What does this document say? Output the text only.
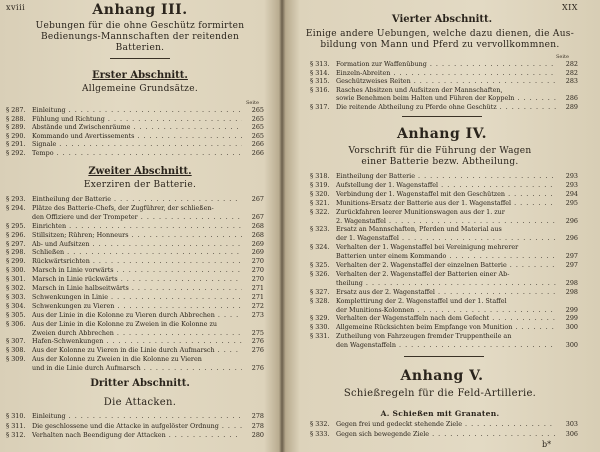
xviii	Anhang III.
Uebungen für die ohne Geschütz formirten
Bedienungs-Mannschaften der reitenden
Batterien.
Erster Abschnitt.
Allgemeine Grundsätze.
Seite
§ 287.	Einleitung . . .	265
§ 288.	Fühlung und Richtung . . .	265
§ 289.	Abstände und Zwischenräume . . .	265
§ 290.	Kommando und Avertissements . . .	265
§ 291.	Signale . . .	266
§ 292.	Tempo . . .	266
Zweiter Abschnitt.
Exerziren der Batterie.
§ 293.	Eintheilung der Batterie . . .	267
§ 294.	Plätze des Batterie-Chefs, der Zugführer, der schließen-
den Offiziere und der Trompeter . . .	267
§ 295.	Einrichten . . .	268
§ 296.	Stillsitzen; Rühren; Honneurs . . .	268
§ 297.	Ab- und Aufsitzen . . .	269
§ 298.	Schließen . . .	269
§ 299.	Rückwärtsrichten . . .	270
§ 300.	Marsch in Linie vorwärts . . .	270
§ 301.	Marsch in Linie rückwärts . . .	270
§ 302.	Marsch in Linie halbseitwärts . . .	271
§ 303.	Schwenkungen in Linie . . .	271
§ 304.	Schwenkungen zu Vieren . . .	272
§ 305.	Aus der Linie in die Kolonne zu Vieren durch Abbrechen . . .	273
§ 306.	Aus der Linie in die Kolonne zu Zweien in die Kolonne zu
Zweien durch Abbrechen . . .	275
§ 307.	Hafen-Schwenkungen . . .	276
§ 308.	Aus der Kolonne zu Vieren in die Linie durch Aufmarsch . . .	276
§ 309.	Aus der Kolonne zu Zweien in die Kolonne zu Vieren
und in die Linie durch Aufmarsch . . .	276
Dritter Abschnitt.
Die Attacken.
§ 310.	Einleitung . . .	278
§ 311.	Die geschlossene und die Attacke in aufgelöster Ordnung . . .	278
§ 312.	Verhalten nach Beendigung der Attacken . . .	280
XIX
Vierter Abschnitt.
Einige andere Uebungen, welche dazu dienen, die Aus-
bildung von Mann und Pferd zu vervollkommnen.
Seite
§ 313.	Formation zur Waffenübung . . .	282
§ 314.	Einzeln-Abreiten . . .	282
§ 315.	Geschützweises Reiten . . .	283
§ 316.	Rasches Absitzen und Aufsitzen der Mannschaften,
sowie Benehmen beim Halten und Führen der Koppeln . . .	286
§ 317.	Die reitende Abtheilung zu Pferde ohne Geschütz . . .	289
Anhang IV.
Vorschrift für die Führung der Wagen
einer Batterie bezw. Abtheilung.
§ 318.	Eintheilung der Batterie . . .	293
§ 319.	Aufstellung der 1. Wagenstaffel . . .	293
§ 320.	Verbindung der 1. Wagenstaffel mit den Geschützen . . .	294
§ 321.	Munitions-Ersatz der Batterie aus der 1. Wagenstaffel . . .	295
§ 322.	Zurückfahren leerer Munitionswagen aus der 1. zur
2. Wagenstaffel . . .	296
§ 323.	Ersatz an Mannschaften, Pferden und Material aus
der 1. Wagenstaffel . . .	296
§ 324.	Verhalten der 1. Wagenstaffel bei Vereinigung mehrerer
Batterien unter einem Kommando . . .	297
§ 325.	Verhalten der 2. Wagenstaffel der einzelnen Batterie . . .	297
§ 326.	Verhalten der 2. Wagenstaffel der Batterien einer Ab-
theilung . . .	298
§ 327.	Ersatz aus der 2. Wagenstaffel . . .	298
§ 328.	Komplettirung der 2. Wagenstaffel und der 1. Staffel
der Munitions-Kolonnen . . .	299
§ 329.	Verhalten der Wagenstaffeln nach dem Gefecht . . .	299
§ 330.	Allgemeine Rücksichten beim Empfange von Munition . . .	300
§ 331.	Zutheilung von Fahrzeugen fremder Truppentheile an
den Wagenstaffeln . . .	300
Anhang V.
Schießregeln für die Feld-Artillerie.
A. Schießen mit Granaten.
§ 332.	Gegen frei und gedeckt stehende Ziele . . .	303
§ 333.	Gegen sich bewegende Ziele . . .	306
b*
